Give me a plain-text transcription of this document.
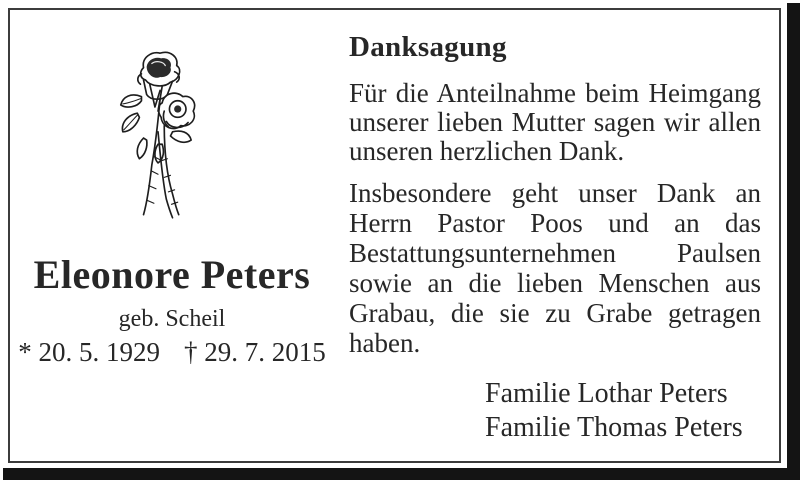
Eleonore Peters
geb. Scheil
* 20. 5. 1929 † 29. 7. 2015
Danksagung
Für die Anteilnahme beim Heimgang unserer lieben Mutter sagen wir allen unseren herzlichen Dank.
Insbesondere geht unser Dank an Herrn Pastor Poos und an das Bestattungsunternehmen Paulsen sowie an die lieben Menschen aus Grabau, die sie zu Grabe getragen haben.
Familie Lothar Peters
Familie Thomas Peters
